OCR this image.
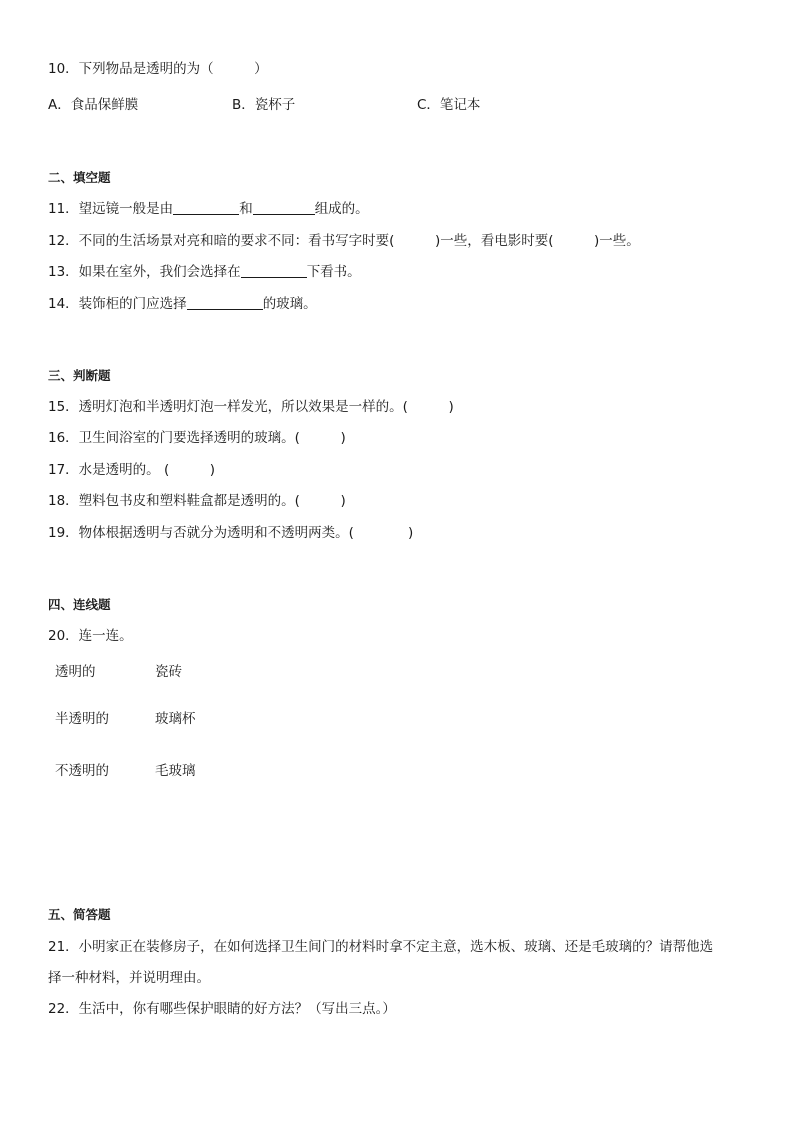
10．下列物品是透明的为（　　　）
A．食品保鲜膜	B．瓷杯子	C．笔记本
二、填空题
11．望远镜一般是由	和	组成的。
12．不同的生活场景对亮和暗的要求不同：看书写字时要(　　　)一些，看电影时要(　　　)一些。
13．如果在室外，我们会选择在	下看书。
14．装饰柜的门应选择	的玻璃。
三、判断题
15．透明灯泡和半透明灯泡一样发光，所以效果是一样的。(　　　)
16．卫生间浴室的门要选择透明的玻璃。(　　　)
17．水是透明的。 (　　　)
18．塑料包书皮和塑料鞋盒都是透明的。(　　　)
19．物体根据透明与否就分为透明和不透明两类。(　　　　)
四、连线题
20．连一连。
透明的	瓷砖
半透明的	玻璃杯
不透明的	毛玻璃
五、简答题
21．小明家正在装修房子，在如何选择卫生间门的材料时拿不定主意，选木板、玻璃、还是毛玻璃的？请帮他选
择一种材料，并说明理由。
22．生活中，你有哪些保护眼睛的好方法？（写出三点。）
